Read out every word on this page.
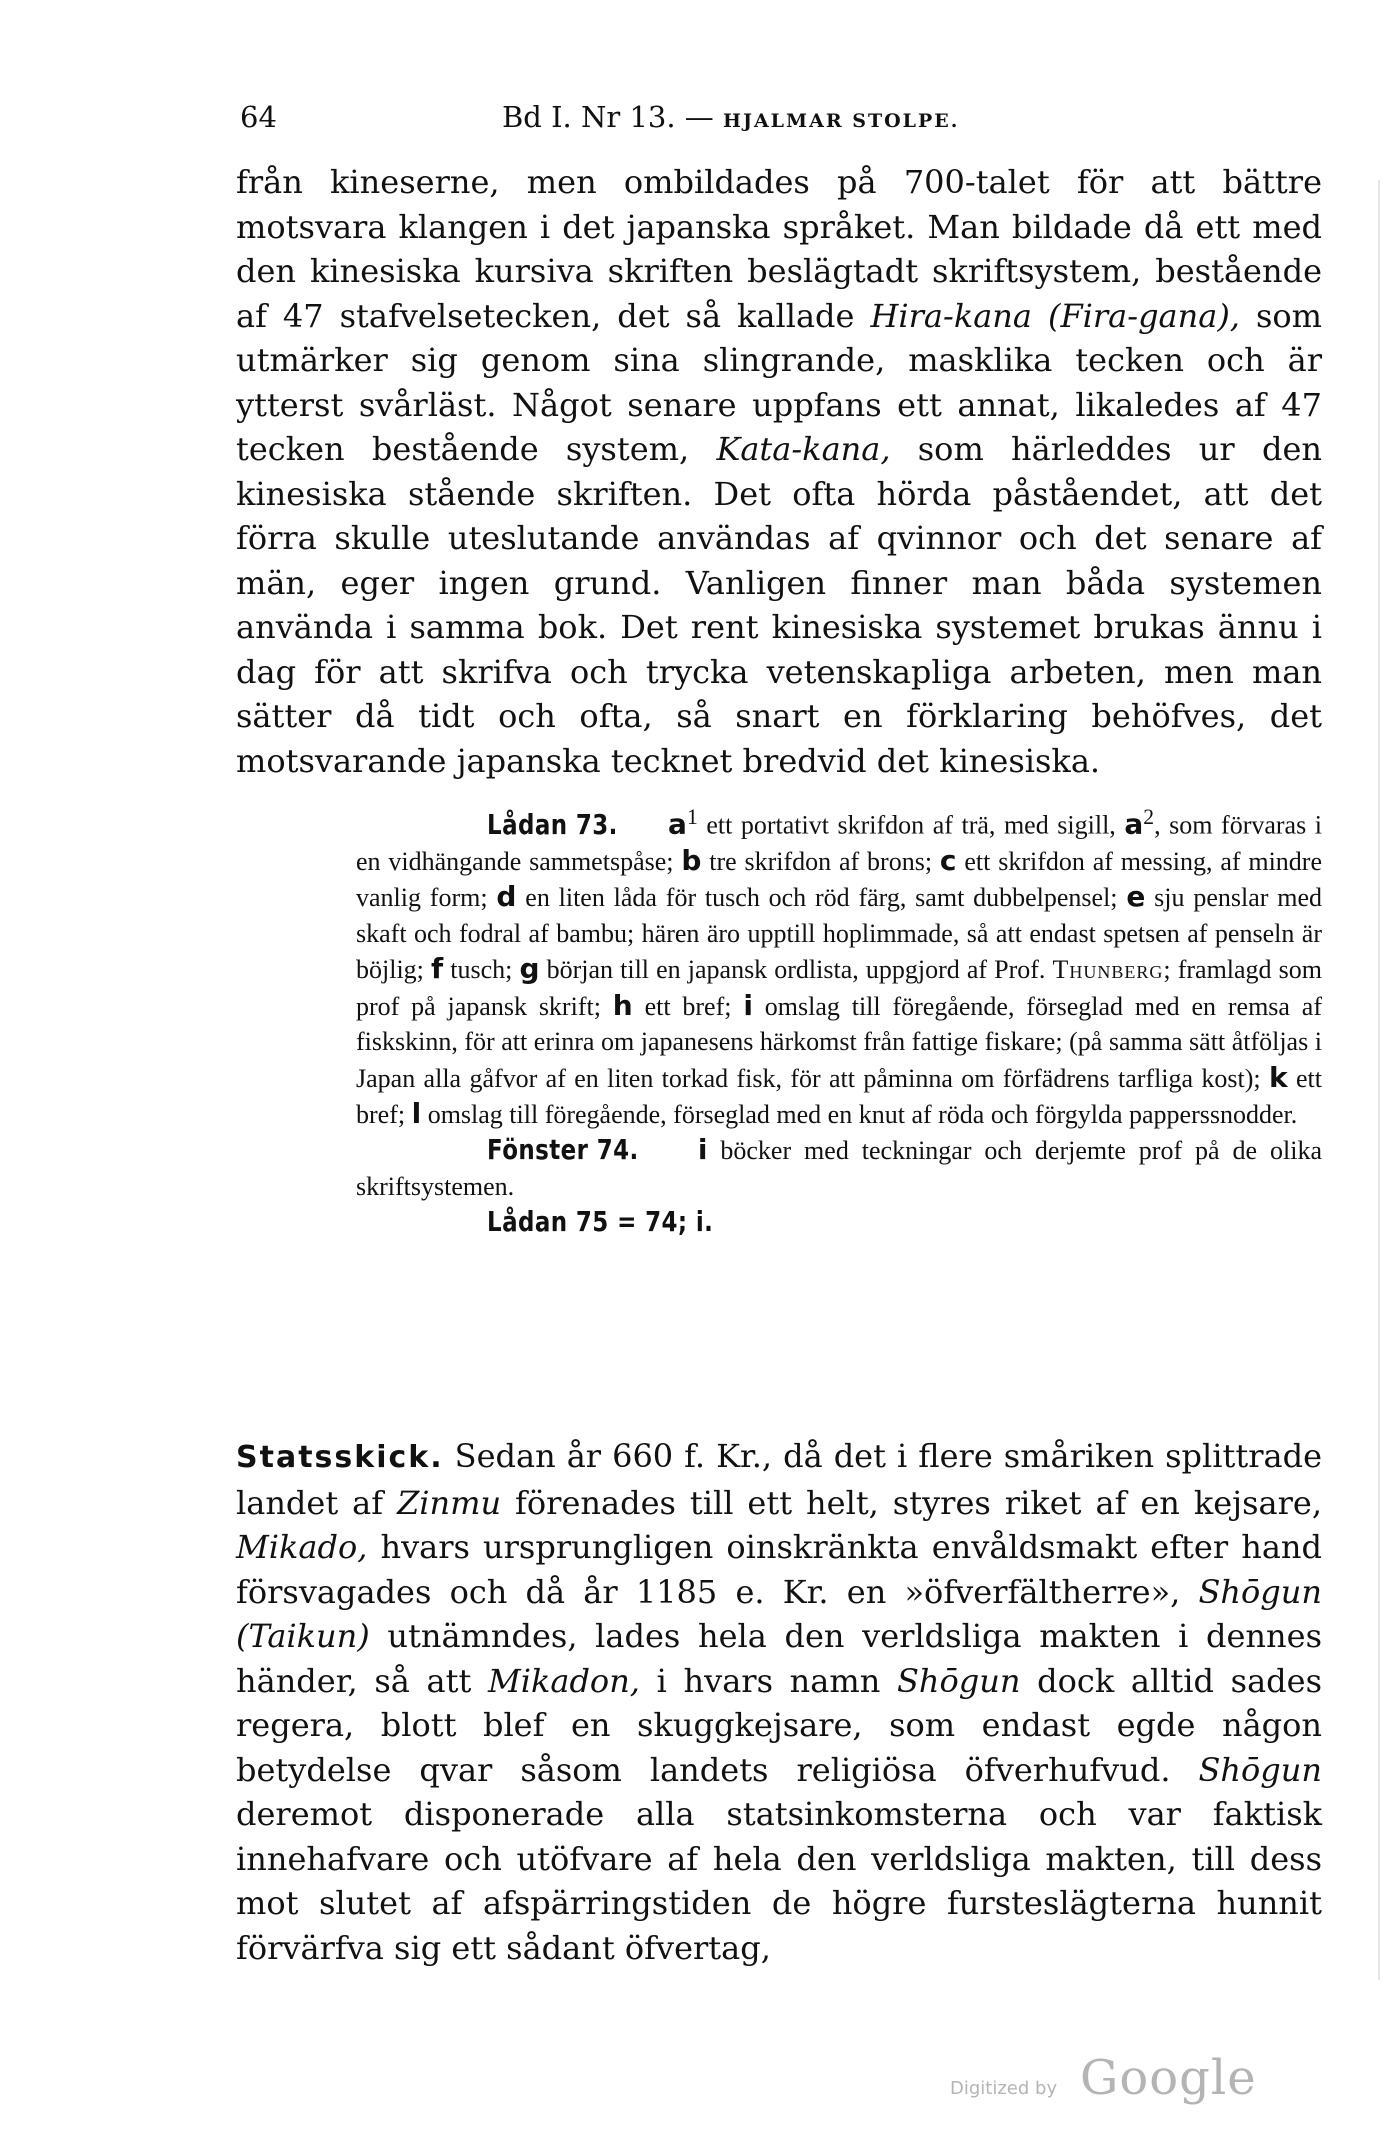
64	Bd I. Nr 13. — HJALMAR STOLPE.
från kineserne, men ombildades på 700-talet för att bättre motsvara klangen i det japanska språket. Man bildade då ett med den kinesiska kursiva skriften beslägtadt skriftsystem, bestående af 47 stafvelsetecken, det så kallade Hira-kana (Fira-gana), som utmärker sig genom sina slingrande, masklika tecken och är ytterst svårläst. Något senare uppfans ett annat, likaledes af 47 tecken bestående system, Kata-kana, som härleddes ur den kinesiska stående skriften. Det ofta hörda påståendet, att det förra skulle uteslutande användas af qvinnor och det senare af män, eger ingen grund. Vanligen finner man båda systemen använda i samma bok. Det rent kinesiska systemet brukas ännu i dag för att skrifva och trycka vetenskapliga arbeten, men man sätter då tidt och ofta, så snart en förklaring behöfves, det motsvarande japanska tecknet bredvid det kinesiska.

Lådan 73. $a^1$ ett portativt skrifdon af trä, med sigill, $a^2$, som förvaras i en vidhängande sammetspåse; b tre skrifdon af brons; c ett skrifdon af messing, af mindre vanlig form; d en liten låda för tusch och röd färg, samt dubbelpensel; e sju penslar med skaft och fodral af bambu; hären äro upptill hoplimmade, så att endast spetsen af penseln är böjlig; f tusch; g början till en japansk ordlista, uppgjord af Prof. Thunberg; framlagd som prof på japansk skrift; h ett bref; i omslag till föregående, förseglad med en remsa af fiskskinn, för att erinra om japanesens härkomst från fattige fiskare; (på samma sätt åtföljas i Japan alla gåfvor af en liten torkad fisk, för att påminna om förfädrens tarfliga kost); k ett bref; l omslag till föregående, förseglad med en knut af röda och förgylda papperssnodder.

Fönster 74. i böcker med teckningar och derjemte prof på de olika skriftsystemen.

Lådan 75 = 74; i.

Statsskick. Sedan år 660 f. Kr., då det i flere småriken splittrade landet af Zinmu förenades till ett helt, styres riket af en kejsare, Mikado, hvars ursprungligen oinskränkta envåldsmakt efter hand försvagades och då år 1185 e. Kr. en »öfverfältherre», Shōgun (Taikun) utnämndes, lades hela den verldsliga makten i dennes händer, så att Mikadon, i hvars namn Shōgun dock alltid sades regera, blott blef en skuggkejsare, som endast egde någon betydelse qvar såsom landets religiösa öfverhufvud. Shōgun deremot disponerade alla statsinkomsterna och var faktisk innehafvare och utöfvare af hela den verldsliga makten, till dess mot slutet af afspärringstiden de högre fursteslägterna hunnit förvärfva sig ett sådant öfvertag,
Digitized by Google
